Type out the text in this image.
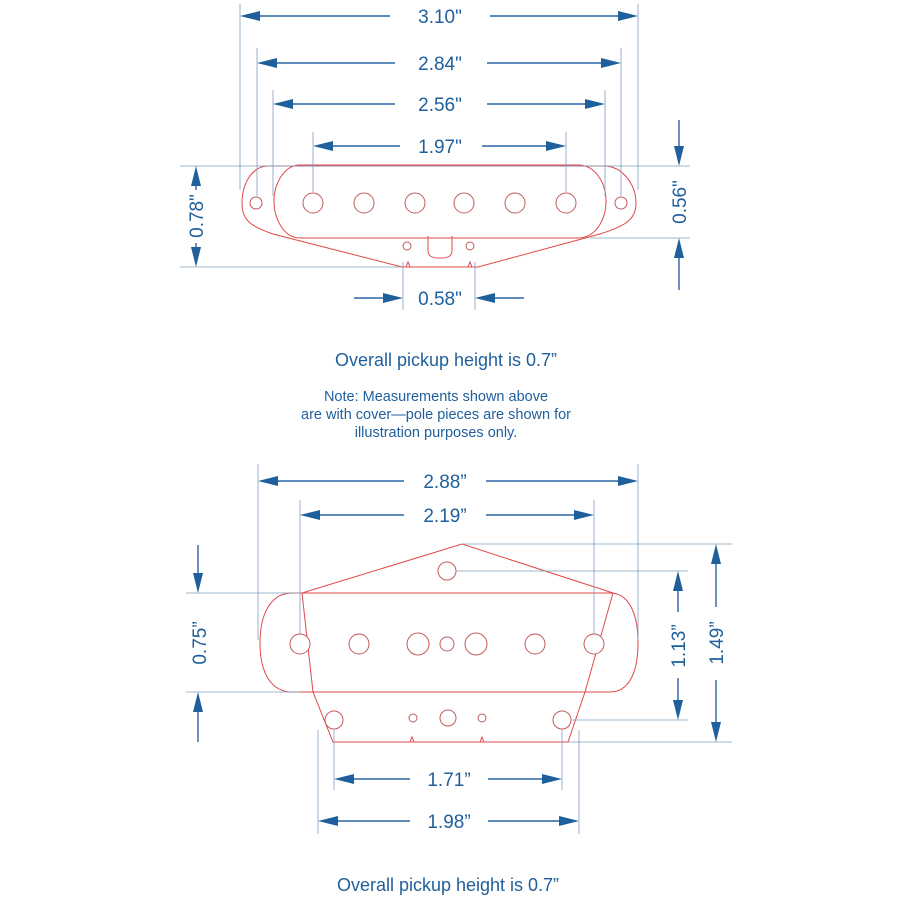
3.10"
2.84"
2.56"
1.97"
0.78"	0.56"
0.58"
Overall pickup height is 0.7”
Note: Measurements shown above
are with cover—pole pieces are shown for
illustration purposes only.
2.88”
2.19”
1.71”
1.98”
0.75”	1.13” 1.49”
Overall pickup height is 0.7”
